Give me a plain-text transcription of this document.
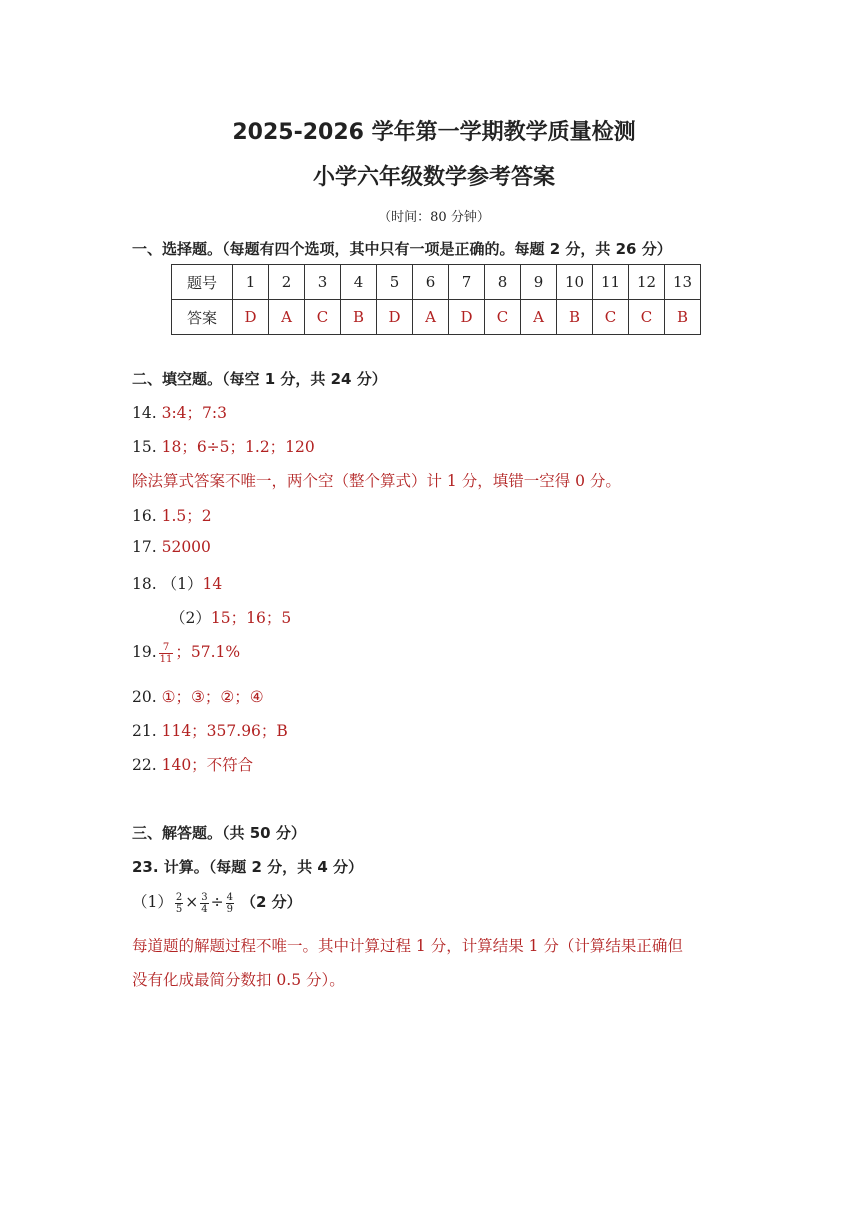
2025-2026 学年第一学期教学质量检测
小学六年级数学参考答案
（时间：80 分钟）
一、选择题。（每题有四个选项，其中只有一项是正确的。每题 2 分，共 26 分）
题号	1	2	3	4	5	6	7	8	9	10	11	12	13
答案	D	A	C	B	D	A	D	C	A	B	C	C	B
二、填空题。（每空 1 分，共 24 分）
14. 3:4；7:3
15. 18；6÷5；1.2；120
除法算式答案不唯一，两个空（整个算式）计 1 分，填错一空得 0 分。
16. 1.5；2
17. 52000
18. （1）14
（2）15；16；5
19. $\frac{7}{11}$ ；57.1%
20. ①；③；②；④
21. 114；357.96；B
22. 140；不符合
三、解答题。（共 50 分）
23. 计算。（每题 2 分，共 4 分）
$(1) \frac{2}{5} \times \frac{3}{4} \div \frac{4}{9} (2$ 分）
每道题的解题过程不唯一。其中计算过程 1 分，计算结果 1 分（计算结果正确但
没有化成最简分数扣 0.5 分）。
